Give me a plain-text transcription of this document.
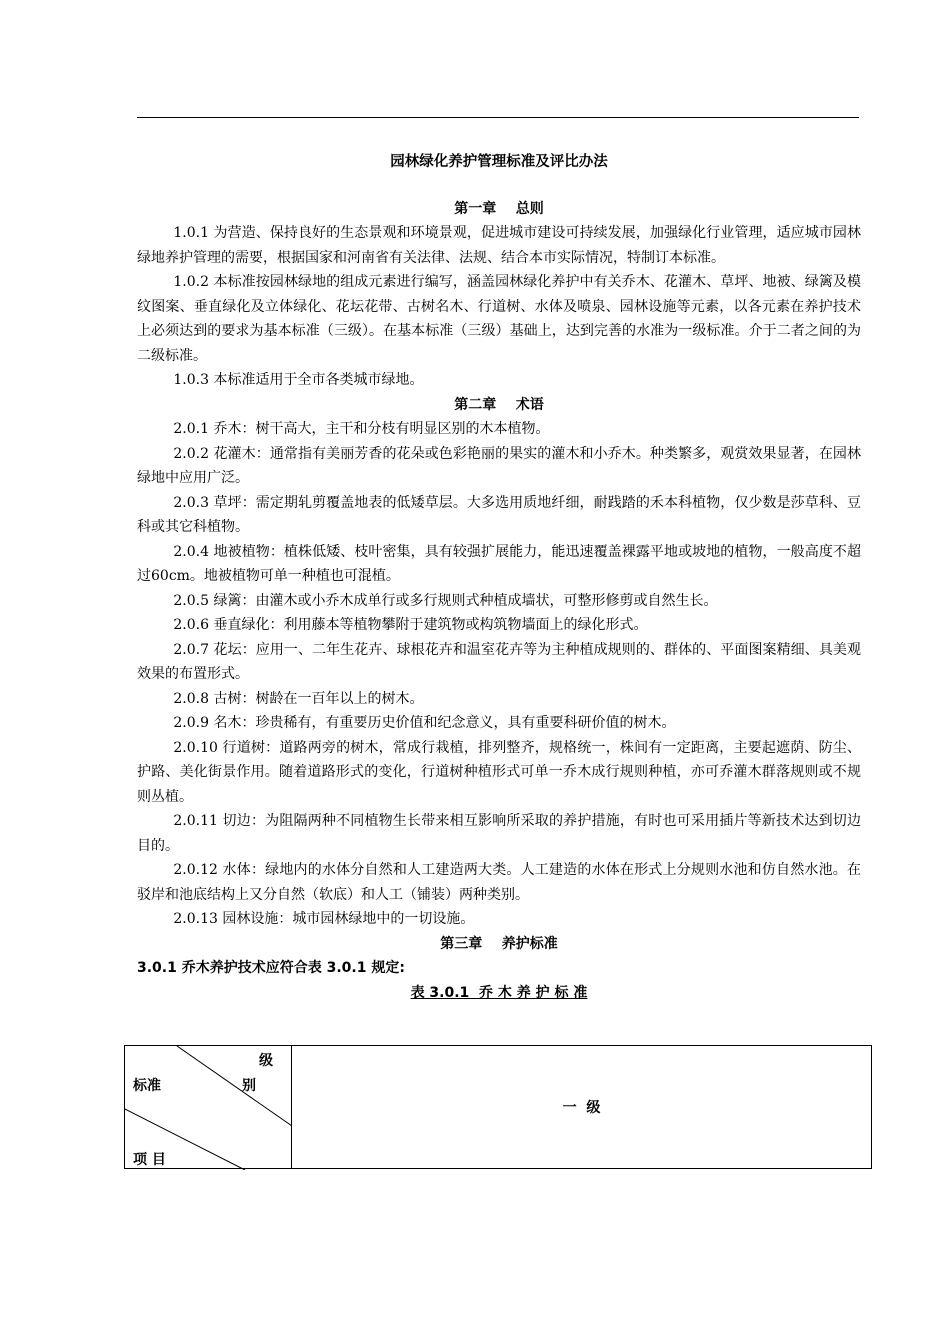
园林绿化养护管理标准及评比办法
第一章    总则

1.0.1 为营造、保持良好的生态景观和环境景观，促进城市建设可持续发展，加强绿化行业管理，适应城市园林绿地养护管理的需要，根据国家和河南省有关法律、法规、结合本市实际情况，特制订本标准。

1.0.2 本标准按园林绿地的组成元素进行编写，涵盖园林绿化养护中有关乔木、花灌木、草坪、地被、绿篱及模纹图案、垂直绿化及立体绿化、花坛花带、古树名木、行道树、水体及喷泉、园林设施等元素，以各元素在养护技术上必须达到的要求为基本标准（三级）。在基本标准（三级）基础上，达到完善的水准为一级标准。介于二者之间的为二级标准。

1.0.3 本标准适用于全市各类城市绿地。

第二章    术语

2.0.1 乔木：树干高大，主干和分枝有明显区别的木本植物。

2.0.2 花灌木：通常指有美丽芳香的花朵或色彩艳丽的果实的灌木和小乔木。种类繁多，观赏效果显著，在园林绿地中应用广泛。

2.0.3 草坪：需定期轧剪覆盖地表的低矮草层。大多选用质地纤细，耐践踏的禾本科植物，仅少数是莎草科、豆科或其它科植物。

2.0.4 地被植物：植株低矮、枝叶密集，具有较强扩展能力，能迅速覆盖裸露平地或坡地的植物，一般高度不超过60cm。地被植物可单一种植也可混植。

2.0.5 绿篱：由灌木或小乔木成单行或多行规则式种植成墙状，可整形修剪或自然生长。

2.0.6 垂直绿化：利用藤本等植物攀附于建筑物或构筑物墙面上的绿化形式。

2.0.7 花坛：应用一、二年生花卉、球根花卉和温室花卉等为主种植成规则的、群体的、平面图案精细、具美观效果的布置形式。

2.0.8 古树：树龄在一百年以上的树木。

2.0.9 名木：珍贵稀有，有重要历史价值和纪念意义，具有重要科研价值的树木。

2.0.10 行道树：道路两旁的树木，常成行栽植，排列整齐，规格统一，株间有一定距离，主要起遮荫、防尘、护路、美化街景作用。随着道路形式的变化，行道树种植形式可单一乔木成行规则种植，亦可乔灌木群落规则或不规则丛植。

2.0.11 切边：为阻隔两种不同植物生长带来相互影响所采取的养护措施，有时也可采用插片等新技术达到切边目的。

2.0.12 水体：绿地内的水体分自然和人工建造两大类。人工建造的水体在形式上分规则水池和仿自然水池。在驳岸和池底结构上又分自然（软底）和人工（铺装）两种类别。

2.0.13 园林设施：城市园林绿地中的一切设施。

第三章    养护标准

3.0.1 乔木养护技术应符合表 3.0.1 规定:

表 3.0.1  乔 木 养 护 标 准

级
标准	别
项 目
一  级
